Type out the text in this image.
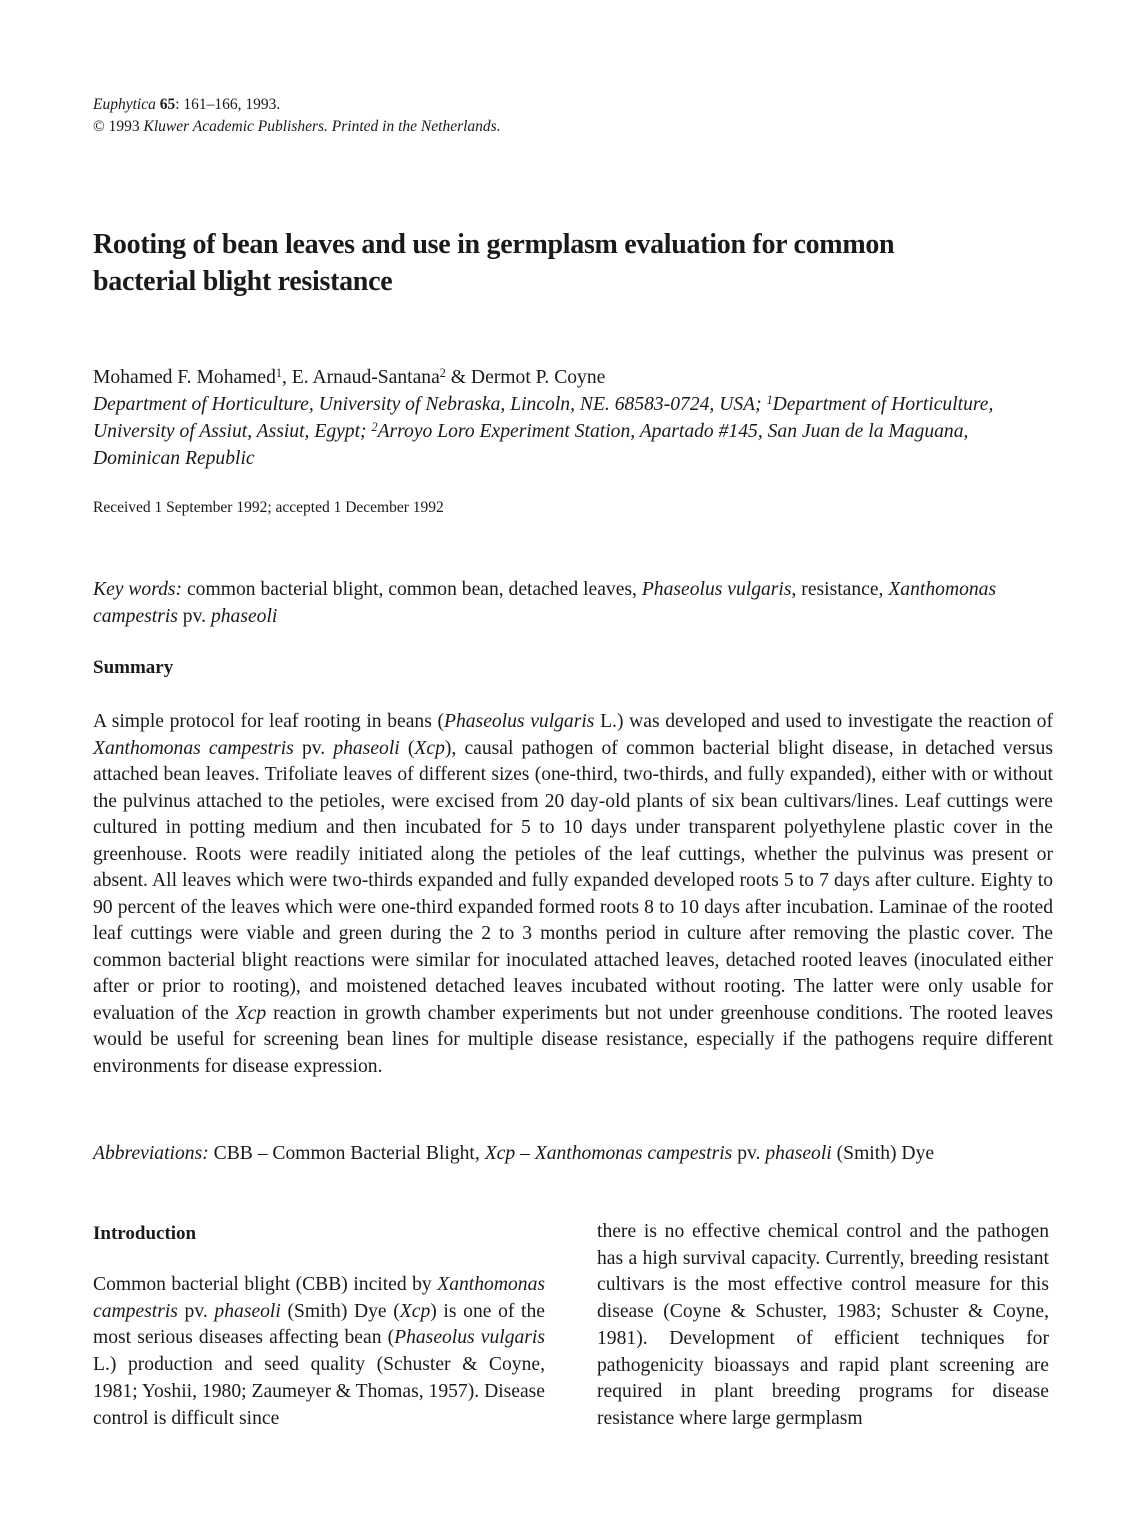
Euphytica 65: 161–166, 1993.
© 1993 Kluwer Academic Publishers. Printed in the Netherlands.
Rooting of bean leaves and use in germplasm evaluation for common bacterial blight resistance
Mohamed F. Mohamed$^1$, E. Arnaud-Santana$^2$ & Dermot P. Coyne
Department of Horticulture, University of Nebraska, Lincoln, NE. 68583-0724, USA; $^1$Department of Horticulture, University of Assiut, Assiut, Egypt; $^2$Arroyo Loro Experiment Station, Apartado #145, San Juan de la Maguana, Dominican Republic
Received 1 September 1992; accepted 1 December 1992
Key words: common bacterial blight, common bean, detached leaves, Phaseolus vulgaris, resistance, Xanthomonas campestris pv. phaseoli
Summary

A simple protocol for leaf rooting in beans (Phaseolus vulgaris L.) was developed and used to investigate the reaction of Xanthomonas campestris pv. phaseoli (Xcp), causal pathogen of common bacterial blight disease, in detached versus attached bean leaves. Trifoliate leaves of different sizes (one-third, two-thirds, and fully expanded), either with or without the pulvinus attached to the petioles, were excised from 20 day-old plants of six bean cultivars/lines. Leaf cuttings were cultured in potting medium and then incubated for 5 to 10 days under transparent polyethylene plastic cover in the greenhouse. Roots were readily initiated along the petioles of the leaf cuttings, whether the pulvinus was present or absent. All leaves which were two-thirds expanded and fully expanded developed roots 5 to 7 days after culture. Eighty to 90 percent of the leaves which were one-third expanded formed roots 8 to 10 days after incubation. Laminae of the rooted leaf cuttings were viable and green during the 2 to 3 months period in culture after removing the plastic cover. The common bacterial blight reactions were similar for inoculated attached leaves, detached rooted leaves (inoculated either after or prior to rooting), and moistened detached leaves incubated without rooting. The latter were only usable for evaluation of the Xcp reaction in growth chamber experiments but not under greenhouse conditions. The rooted leaves would be useful for screening bean lines for multiple disease resistance, especially if the pathogens require different environments for disease expression.

Abbreviations: CBB – Common Bacterial Blight, Xcp – Xanthomonas campestris pv. phaseoli (Smith) Dye
Introduction

Common bacterial blight (CBB) incited by Xanthomonas campestris pv. phaseoli (Smith) Dye (Xcp) is one of the most serious diseases affecting bean (Phaseolus vulgaris L.) production and seed quality (Schuster & Coyne, 1981; Yoshii, 1980; Zaumeyer & Thomas, 1957). Disease control is difficult since

there is no effective chemical control and the pathogen has a high survival capacity. Currently, breeding resistant cultivars is the most effective control measure for this disease (Coyne & Schuster, 1983; Schuster & Coyne, 1981). Development of efficient techniques for pathogenicity bioassays and rapid plant screening are required in plant breeding programs for disease resistance where large germplasm
